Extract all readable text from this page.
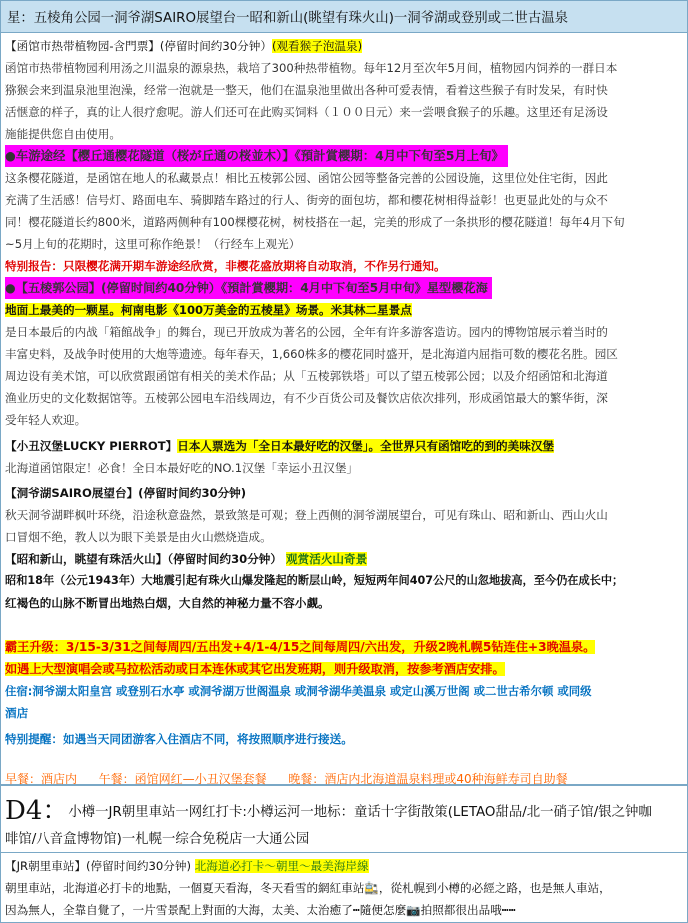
星：五棱角公园一洞爷湖SAIRO展望台一昭和新山(眺望有珠火山)一洞爷湖或登别或二世古温泉
【函馆市热带植物园-含門票】(停留时间约30分钟）(观看猴子泡温泉)
函馆市热带植物园利用汤之川温泉的源泉热，栽培了300种热带植物。每年12月至次年5月间，植物园内饲养的一群日本
猕猴会来到温泉池里泡澡，经常一泡就是一整天，他们在温泉池里做出各种可爱表情，看着这些猴子有时发呆，有时快
活惬意的样子，真的让人很疗愈呢。游人们还可在此购买饲料（１００日元）来一尝喂食猴子的乐趣。这里还有足汤设
施能提供您自由使用。
●车游途经【樱丘通樱花隧道（桜が丘通の桜並木）】《預計賞櫻期：4月中下旬至5月上旬》
这条樱花隧道，是函馆在地人的私藏景点！相比五棱郭公园、函馆公园等整备完善的公园设施，这里位处住宅街，因此
充满了生活感！信号灯、路面电车、骑脚踏车路过的行人、街旁的面包坊，都和樱花树相得益彰！也更显此处的与众不
同！樱花隧道长约800米，道路两侧种有100棵樱花树，树枝搭在一起，完美的形成了一条拱形的樱花隧道！每年4月下旬
~5月上旬的花期时，这里可称作绝景！（行经车上观光）
特别报告：只限樱花满开期车游途经欣赏，非樱花盛放期将自动取消，不作另行通知。
●【五棱郭公园】(停留时间约40分钟）《預計賞櫻期：4月中下旬至5月中旬》星型櫻花海
地面上最美的一颗星。柯南电影《100万美金的五棱星》场景。米其林二星景点
是日本最后的内战「箱館战争」的舞台，现已开放成为著名的公园，全年有许多游客造访。园内的博物馆展示着当时的
丰富史料，及战争时使用的大炮等遗迹。每年春天，1,660株多的樱花同时盛开，是北海道内屈指可数的樱花名胜。园区
周边设有美术馆，可以欣赏跟函馆有相关的美术作品；从「五棱郭铁塔」可以了望五棱郭公园；以及介绍函馆和北海道
渔业历史的文化数据馆等。五棱郭公园电车沿线周边，有不少百货公司及餐饮店依次排列，形成函馆最大的繁华街，深
受年轻人欢迎。
【小丑汉堡LUCKY PIERROT】日本人票选为「全日本最好吃的汉堡」。全世界只有函馆吃的到的美味汉堡
北海道函馆限定！必食！全日本最好吃的NO.1汉堡「幸运小丑汉堡」
【洞爷湖SAIRO展望台】(停留时间约30分钟)
秋天洞爷湖畔枫叶环绕，沿途秋意盎然，景致煞是可观；登上西侧的洞爷湖展望台，可见有珠山、昭和新山、西山火山
口冒烟不绝，教人以为眼下美景是由火山燃烧造成。
【昭和新山，眺望有珠活火山】（停留时间约30分钟） 观赏活火山奇景
昭和18年（公元1943年）大地震引起有珠火山爆发隆起的断层山岭，短短两年间407公尺的山忽地拔高，至今仍在成长中；
红褐色的山脉不断冒出地热白烟，大自然的神秘力量不容小觑。
霸王升级：3/15-3/31之间每周四/五出发+4/1-4/15之间每周四/六出发，升级2晚札幌5钻连住+3晚温泉。
如遇上大型演唱会或马拉松活动或日本连休或其它出发班期，则升级取消，按参考酒店安排。
住宿:洞爷湖太阳皇宫 或登别石水亭 或洞爷湖万世阁温泉 或洞爷湖华美温泉 或定山溪万世阁 或二世古希尔顿 或同级
酒店
特别提醒：如遇当天同团游客入住酒店不同，将按照顺序进行接送。
早餐：酒店内 午餐：函馆网红—小丑汉堡套餐 晚餐：酒店内北海道温泉料理或40种海鲜寿司自助餐
D4：小樽一JR朝里車站一网红打卡:小樽运河一地标：童话十字街散策(LETAO甜品/北一硝子馆/银之钟咖
啡馆/八音盒博物馆)一札幌一综合免税店一大通公园
【JR朝里車站】(停留时间约30分钟) 北海道必打卡～朝里～最美海岸線
朝里車站，北海道必打卡的地點，一個夏天看海，冬天看雪的網紅車站🚉，從札幌到小樽的必經之路，也是無人車站，
因為無人，全靠自覺了，一片雪景配上對面的大海，太美、太治癒了┅隨便怎麼📷拍照都很出品哦┅┅
